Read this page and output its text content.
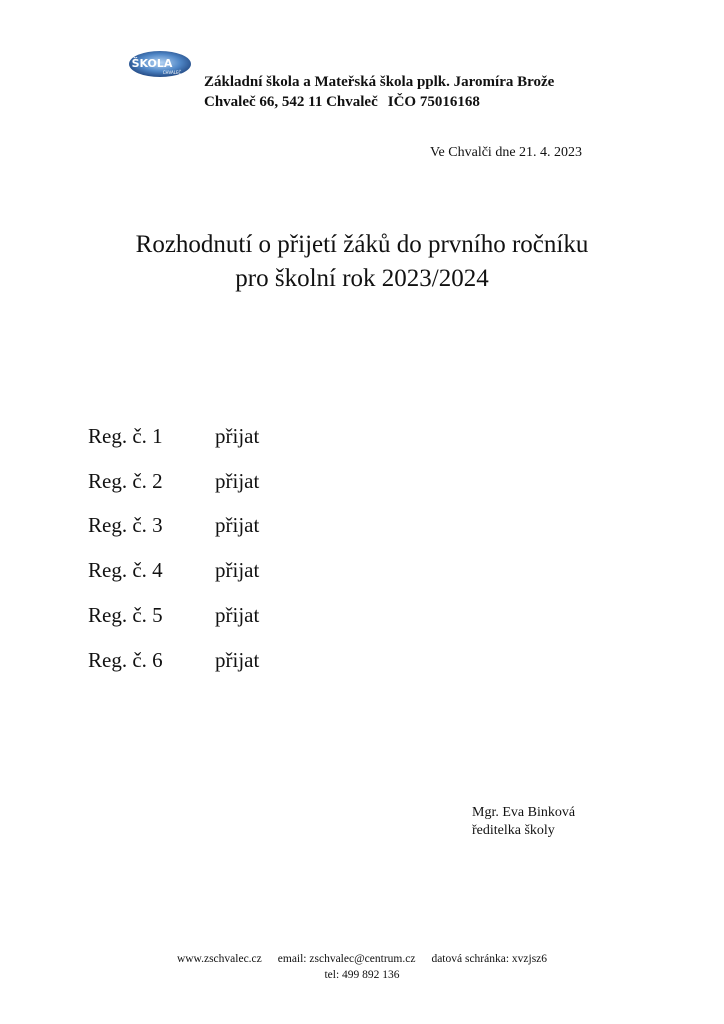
ŠKOLA
CHVALEČ
Základní škola a Mateřská škola pplk. Jaromíra Brože
Chvaleč 66, 542 11 Chvaleč IČO 75016168
Ve Chvalči dne 21. 4. 2023
Rozhodnutí o přijetí žáků do prvního ročníku
pro školní rok 2023/2024
Reg. č. 1	přijat
Reg. č. 2	přijat
Reg. č. 3	přijat
Reg. č. 4	přijat
Reg. č. 5	přijat
Reg. č. 6	přijat
Mgr. Eva Binková
ředitelka školy
www.zschvalec.cz email: zschvalec@centrum.cz datová schránka: xvzjsz6
tel: 499 892 136
